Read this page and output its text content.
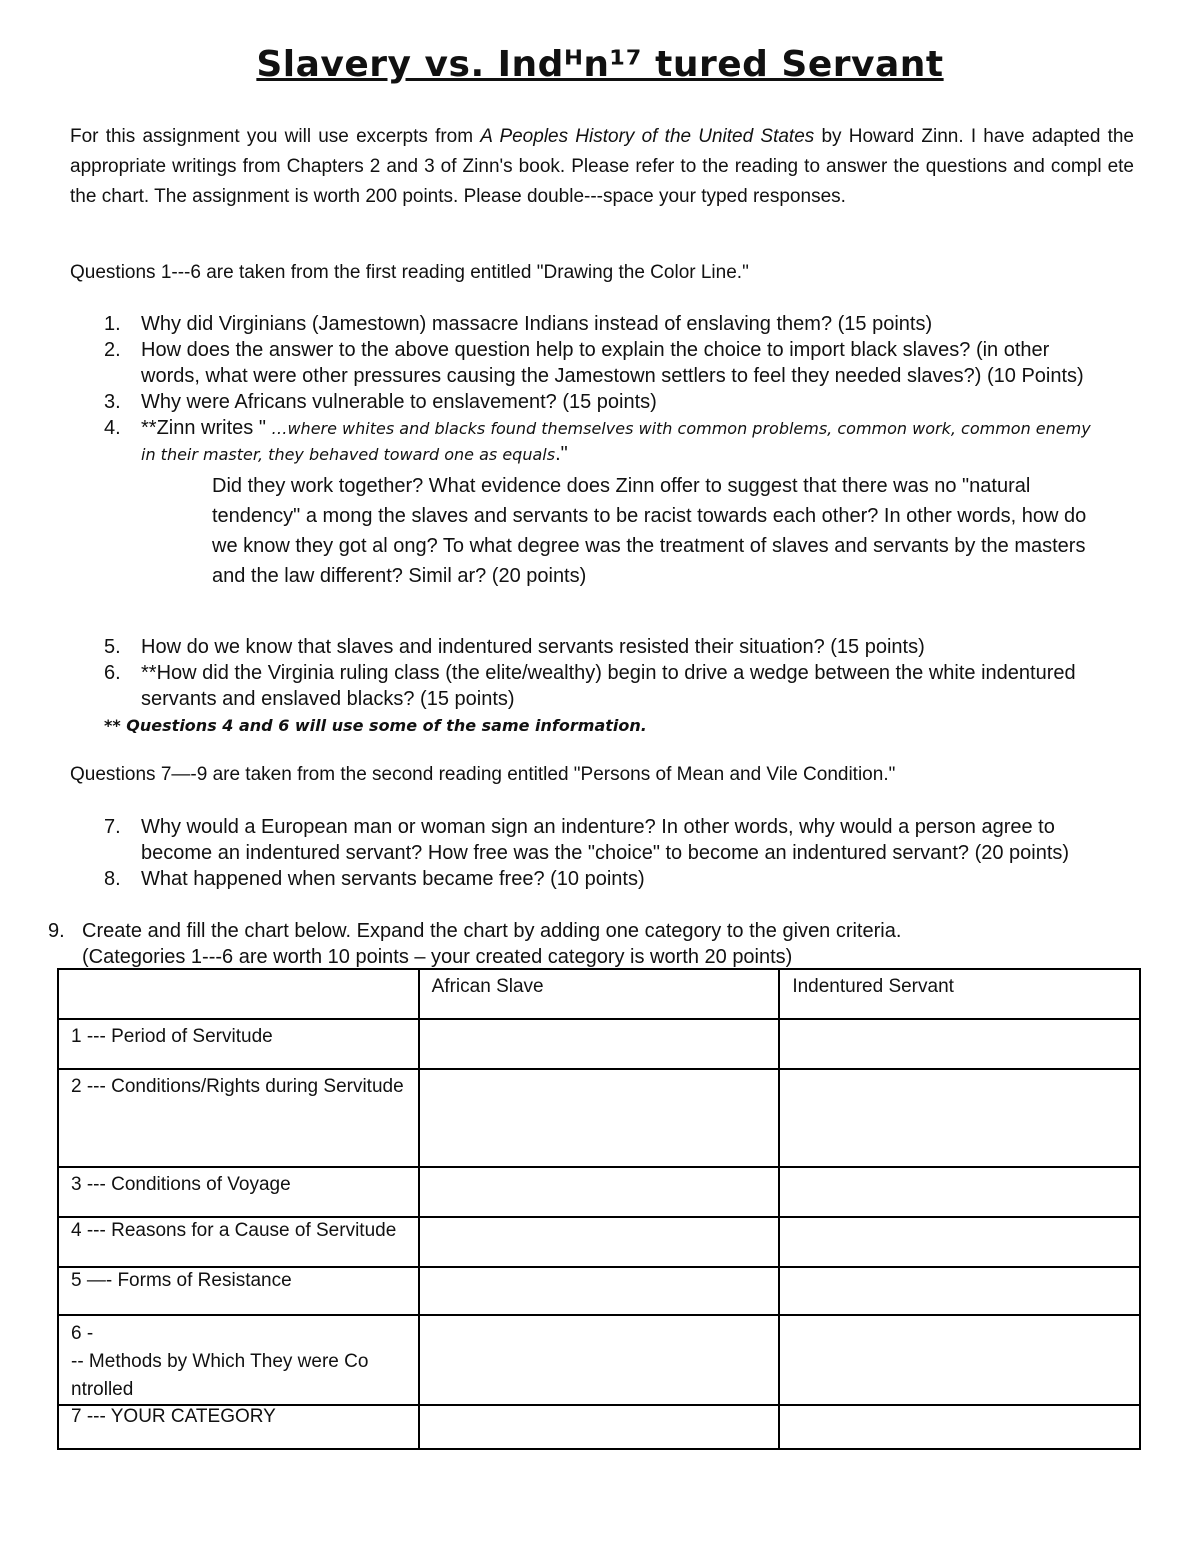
Slavery vs. Indᴴn¹⁷ tured Servant
For this assignment you will use excerpts from A Peoples History of the United States by Howard Zinn. I have adapted the appropriate writings from Chapters 2 and 3 of Zinn's book. Please refer to the reading to answer the questions and compl ete the chart. The assignment is worth 200 points. Please double---space your typed responses.
Questions 1---6 are taken from the first reading entitled "Drawing the Color Line."
1. Why did Virginians (Jamestown) massacre Indians instead of enslaving them? (15 points)
2. How does the answer to the above question help to explain the choice to import black slaves? (in other words, what were other pressures causing the Jamestown settlers to feel they needed slaves?) (10 Points)
3. Why were Africans vulnerable to enslavement? (15 points)
4. **Zinn writes " …where whites and blacks found themselves with common problems, common work, common enemy in their master, they behaved toward one as equals."
Did they work together? What evidence does Zinn offer to suggest that there was no "natural tendency" a mong the slaves and servants to be racist towards each other? In other words, how do we know they got al ong? To what degree was the treatment of slaves and servants by the masters and the law different? Simil ar? (20 points)
5. How do we know that slaves and indentured servants resisted their situation? (15 points)
6. **How did the Virginia ruling class (the elite/wealthy) begin to drive a wedge between the white indentured servants and enslaved blacks? (15 points)
** Questions 4 and 6 will use some of the same information.
Questions 7—-9 are taken from the second reading entitled "Persons of Mean and Vile Condition."
7. Why would a European man or woman sign an indenture? In other words, why would a person agree to become an indentured servant? How free was the "choice" to become an indentured servant? (20 points)
8. What happened when servants became free? (10 points)
9. Create and fill the chart below. Expand the chart by adding one category to the given criteria.
(Categories 1---6 are worth 10 points – your created category is worth 20 points)
	African Slave	Indentured Servant
1 --- Period of Servitude		
2 --- Conditions/Rights during Servitude		
3 --- Conditions of Voyage		
4 --- Reasons for a Cause of Servitude		
5 —- Forms of Resistance		

6 -
-- Methods by Which They were Co ntrolled		

7 --- YOUR CATEGORY		
